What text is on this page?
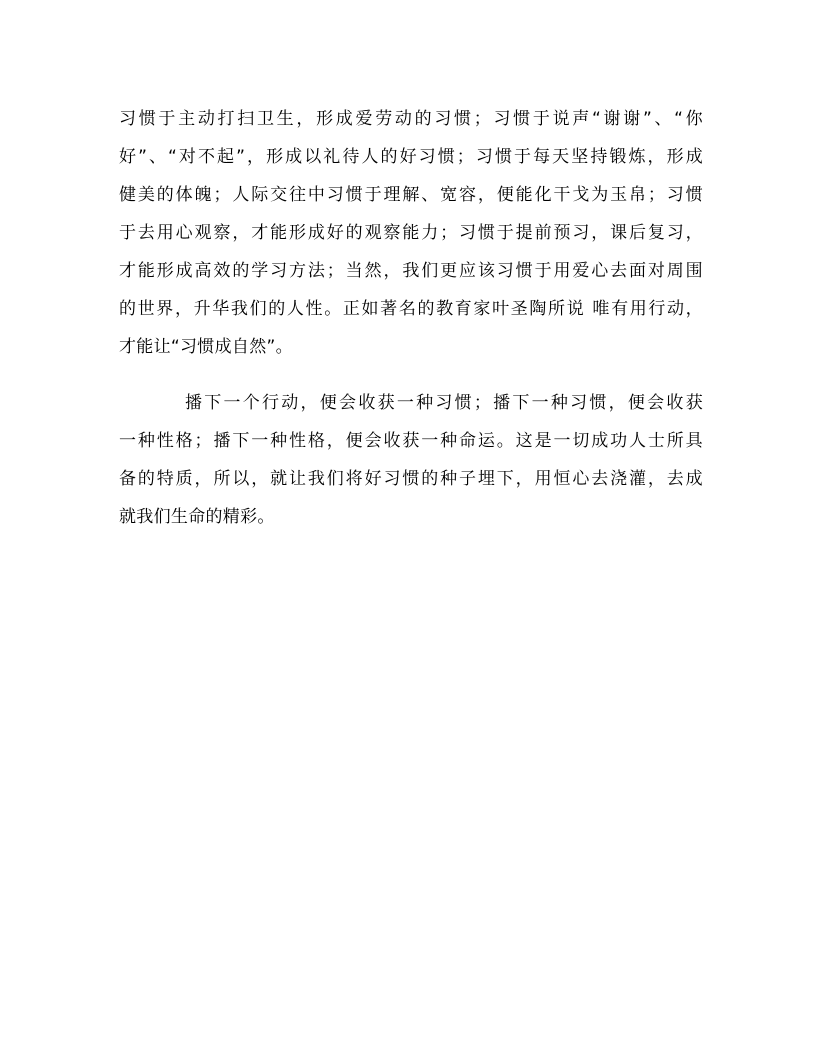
习惯于主动打扫卫生，形成爱劳动的习惯；习惯于说声“谢谢”、“你
好”、“对不起”，形成以礼待人的好习惯；习惯于每天坚持锻炼，形成
健美的体魄；人际交往中习惯于理解、宽容，便能化干戈为玉帛；习惯
于去用心观察，才能形成好的观察能力；习惯于提前预习，课后复习，
才能形成高效的学习方法；当然，我们更应该习惯于用爱心去面对周围
的世界，升华我们的人性。正如著名的教育家叶圣陶所说 唯有用行动，
才能让“习惯成自然”。
播下一个行动，便会收获一种习惯；播下一种习惯，便会收获
一种性格；播下一种性格，便会收获一种命运。这是一切成功人士所具
备的特质，所以，就让我们将好习惯的种子埋下，用恒心去浇灌，去成
就我们生命的精彩。
